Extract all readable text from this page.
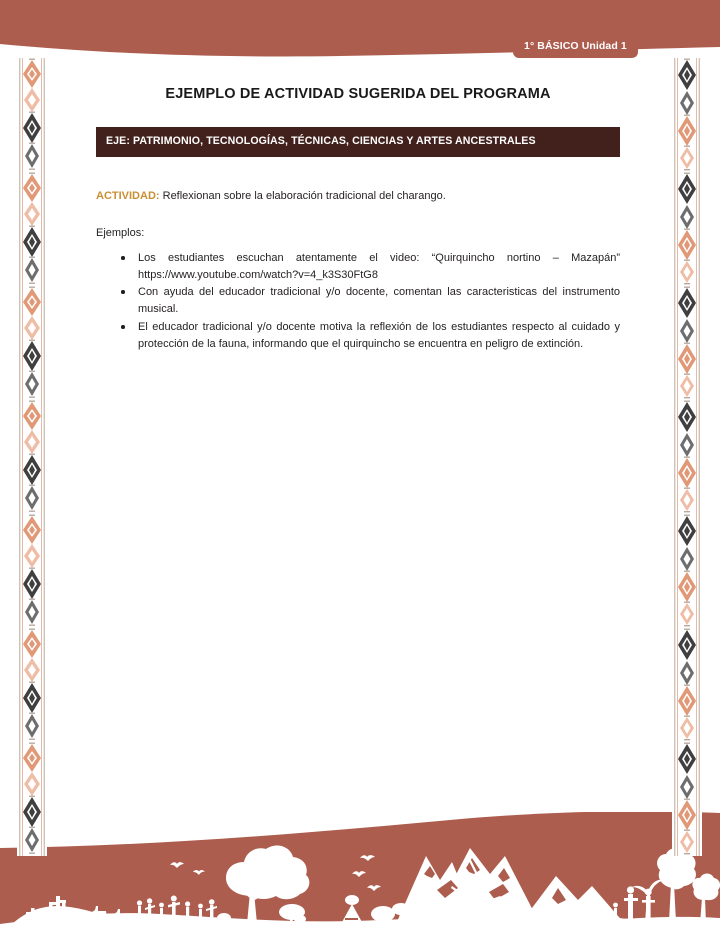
1° BÁSICO Unidad 1
EJEMPLO DE ACTIVIDAD SUGERIDA DEL PROGRAMA
EJE: PATRIMONIO, TECNOLOGÍAS, TÉCNICAS, CIENCIAS Y ARTES ANCESTRALES

ACTIVIDAD: Reflexionan sobre la elaboración tradicional del charango.

Ejemplos:

Los estudiantes escuchan atentamente el video: “Quirquincho nortino – Mazapán” https://www.youtube.com/watch?v=4_k3S30FtG8
Con ayuda del educador tradicional y/o docente, comentan las caracteristicas del instrumento musical.
El educador tradicional y/o docente motiva la reflexión de los estudiantes respecto al cuidado y protección de la fauna, informando que el quirquincho se encuentra en peligro de extinción.
